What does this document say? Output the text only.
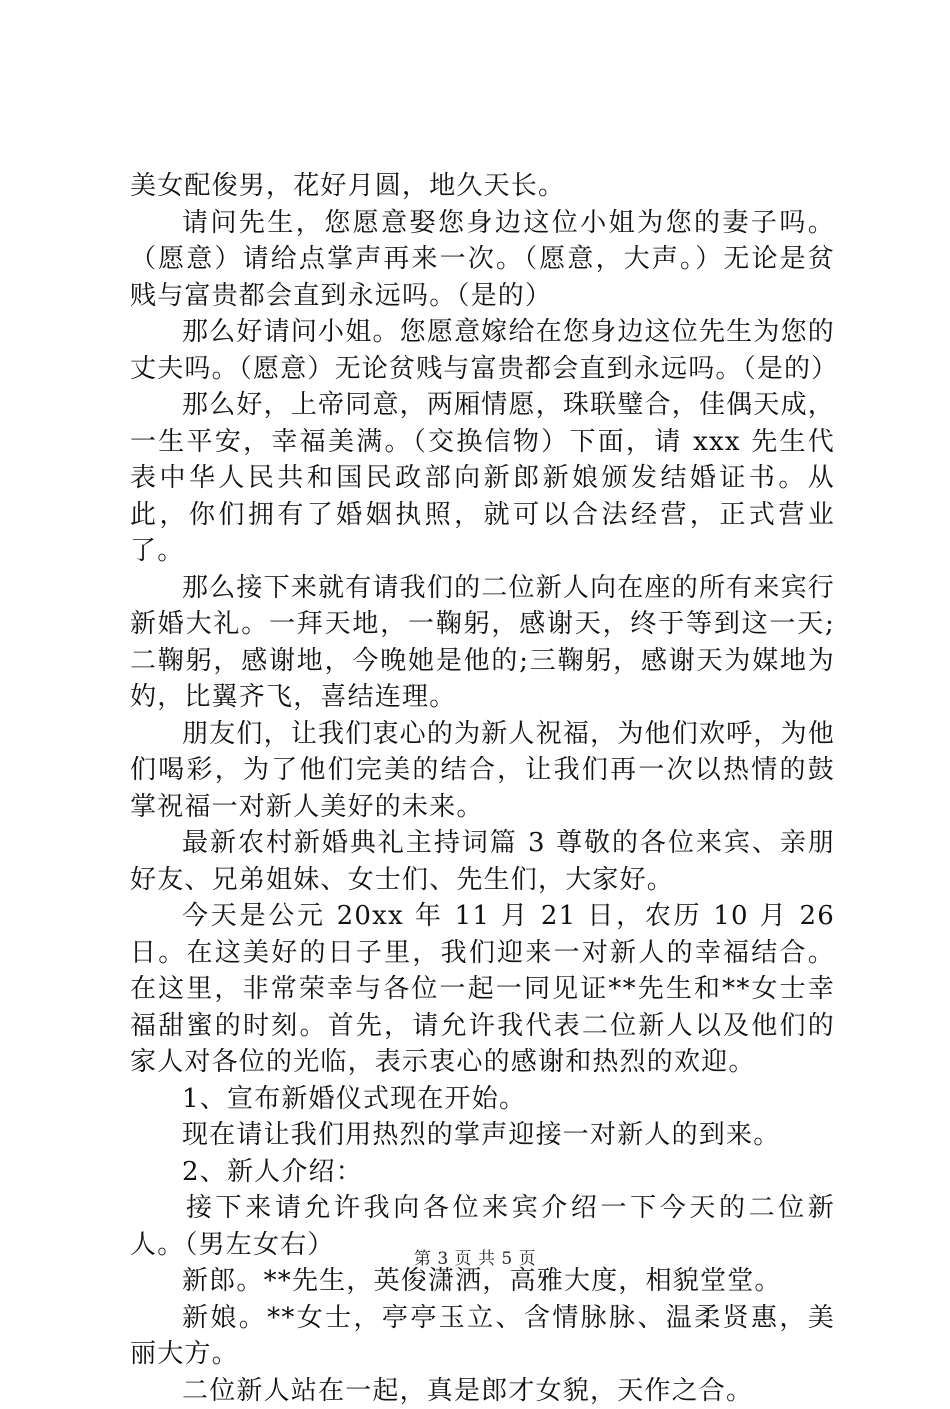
美女配俊男，花好月圆，地久天长。

请问先生，您愿意娶您身边这位小姐为您的妻子吗。（愿意）请给点掌声再来一次。（愿意，大声。）无论是贫贱与富贵都会直到永远吗。（是的）

那么好请问小姐。您愿意嫁给在您身边这位先生为您的丈夫吗。（愿意）无论贫贱与富贵都会直到永远吗。（是的）

那么好，上帝同意，两厢情愿，珠联璧合，佳偶天成，一生平安，幸福美满。（交换信物）下面，请 xxx 先生代表中华人民共和国民政部向新郎新娘颁发结婚证书。从此，你们拥有了婚姻执照，就可以合法经营，正式营业了。

那么接下来就有请我们的二位新人向在座的所有来宾行新婚大礼。一拜天地，一鞠躬，感谢天，终于等到这一天;二鞠躬，感谢地，今晚她是他的;三鞠躬，感谢天为媒地为妁，比翼齐飞，喜结连理。

朋友们，让我们衷心的为新人祝福，为他们欢呼，为他们喝彩，为了他们完美的结合，让我们再一次以热情的鼓掌祝福一对新人美好的未来。

最新农村新婚典礼主持词篇 3 尊敬的各位来宾、亲朋好友、兄弟姐妹、女士们、先生们，大家好。

今天是公元 20xx 年 11 月 21 日，农历 10 月 26 日。在这美好的日子里，我们迎来一对新人的幸福结合。在这里，非常荣幸与各位一起一同见证**先生和**女士幸福甜蜜的时刻。首先，请允许我代表二位新人以及他们的家人对各位的光临，表示衷心的感谢和热烈的欢迎。

1、宣布新婚仪式现在开始。

现在请让我们用热烈的掌声迎接一对新人的到来。

2、新人介绍：

接下来请允许我向各位来宾介绍一下今天的二位新人。（男左女右）

新郎。**先生，英俊潇洒，高雅大度，相貌堂堂。

新娘。**女士，亭亭玉立、含情脉脉、温柔贤惠，美丽大方。

二位新人站在一起，真是郎才女貌，天作之合。

第 3 页 共 5 页
